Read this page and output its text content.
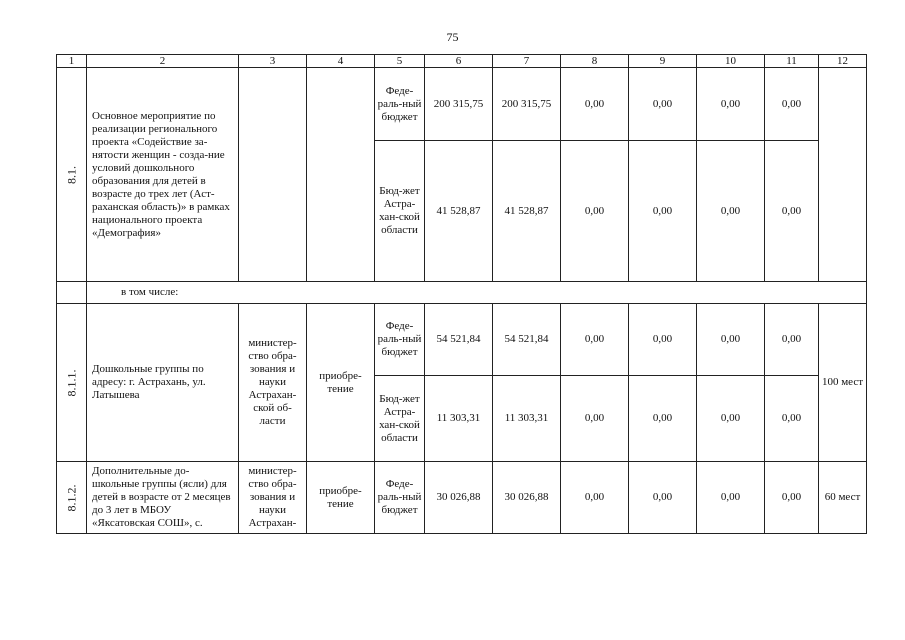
75
1	2	3	4	5	6	7	8	9	10	11	12

8.1.	Основное мероприятие по реализации регионального проекта «Содействие за-нятости женщин - созда-ние условий дошкольного образования для детей в возрасте до трех лет (Аст-раханская область)» в рамках национального проекта «Демография»			Феде-раль-ный бюджет	200 315,75	200 315,75	0,00	0,00	0,00	0,00	
				Бюд-жет Астра-хан-ской области	41 528,87	41 528,87	0,00	0,00	0,00	0,00	
	в том числе:										

8.1.1.	Дошкольные группы по адресу: г. Астрахань, ул. Латышева	министер-ство обра-зования и науки Астрахан-ской об-ласти	приобре-тение	Феде-раль-ный бюджет	54 521,84	54 521,84	0,00	0,00	0,00	0,00	100 мест
				Бюд-жет Астра-хан-ской области	11 303,31	11 303,31	0,00	0,00	0,00	0,00	

8.1.2.	Дополнительные до-школьные группы (ясли) для детей в возрасте от 2 месяцев до 3 лет в МБОУ «Яксатовская СОШ», с.	министер-ство обра-зования и науки Астрахан-	приобре-тение	Феде-раль-ный бюджет	30 026,88	30 026,88	0,00	0,00	0,00	0,00	60 мест
